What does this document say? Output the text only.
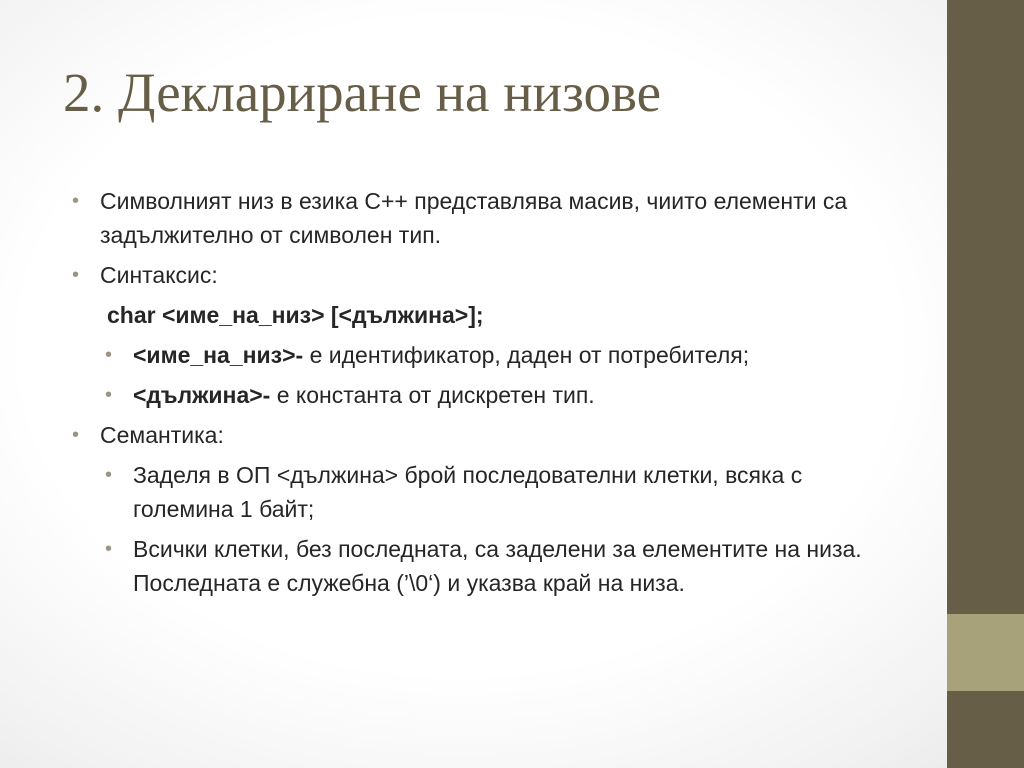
2. Деклариране на низове
• Символният низ в езика С++ представлява масив, чиито елементи са задължително от символен тип.
• Синтаксис:
char <име_на_низ> [<дължина>];
• <име_на_низ>- е идентификатор, даден от потребителя;
• <дължина>- е константа от дискретен тип.
• Семантика:
• Заделя в ОП <дължина> брой последователни клетки, всяка с големина 1 байт;
• Всички клетки, без последната, са заделени за елементите на низа. Последната е служебна (’\0‘) и указва край на низа.
